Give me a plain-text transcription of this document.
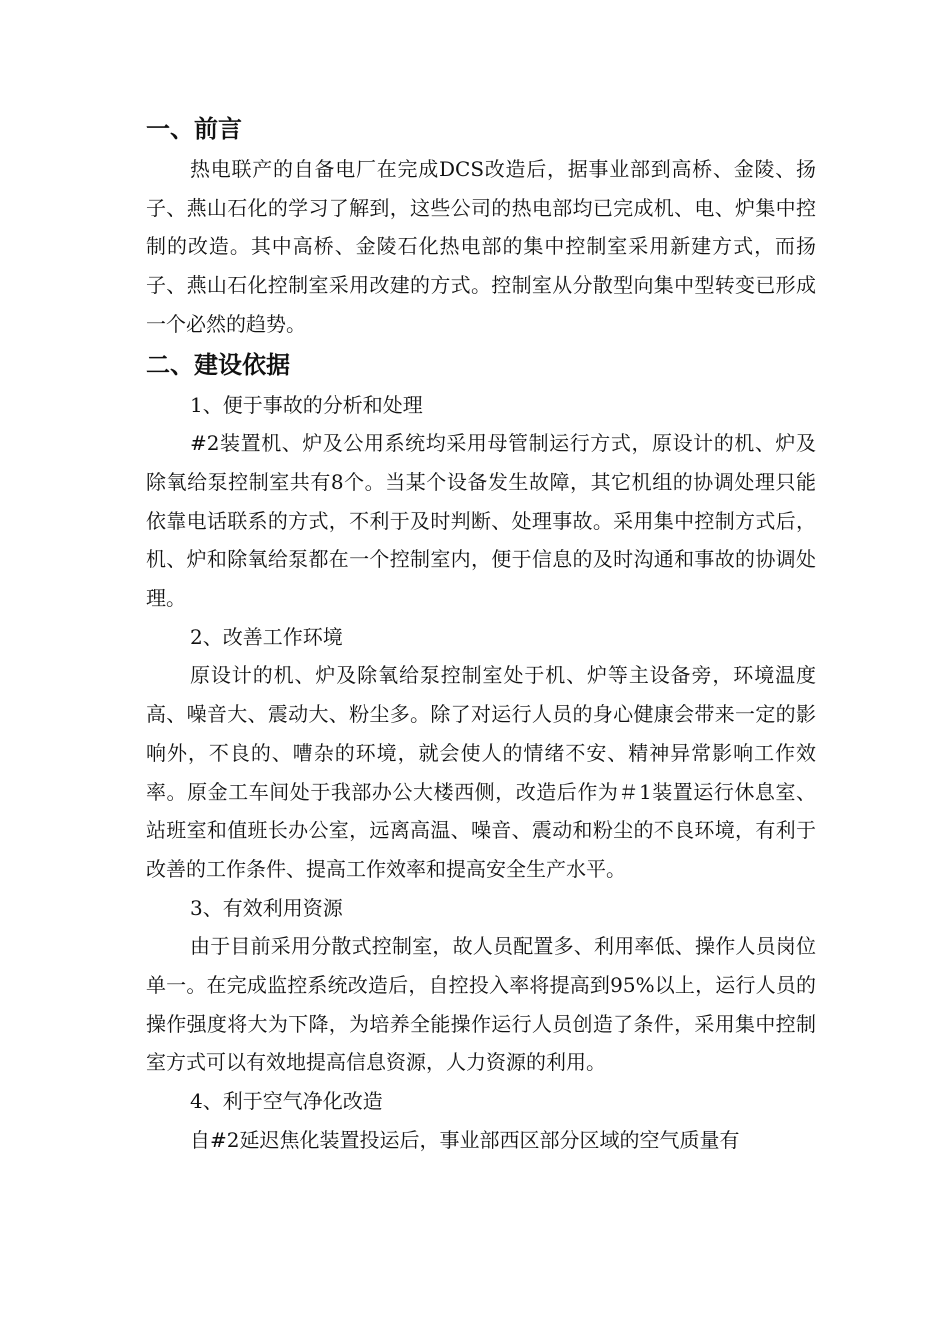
一、前言

热电联产的自备电厂在完成DCS改造后，据事业部到高桥、金陵、扬子、燕山石化的学习了解到，这些公司的热电部均已完成机、电、炉集中控制的改造。其中高桥、金陵石化热电部的集中控制室采用新建方式，而扬子、燕山石化控制室采用改建的方式。控制室从分散型向集中型转变已形成一个必然的趋势。

二、建设依据

1、便于事故的分析和处理

#2装置机、炉及公用系统均采用母管制运行方式，原设计的机、炉及除氧给泵控制室共有8个。当某个设备发生故障，其它机组的协调处理只能依靠电话联系的方式，不利于及时判断、处理事故。采用集中控制方式后，机、炉和除氧给泵都在一个控制室内，便于信息的及时沟通和事故的协调处理。

2、改善工作环境

原设计的机、炉及除氧给泵控制室处于机、炉等主设备旁，环境温度高、噪音大、震动大、粉尘多。除了对运行人员的身心健康会带来一定的影响外，不良的、嘈杂的环境，就会使人的情绪不安、精神异常影响工作效率。原金工车间处于我部办公大楼西侧，改造后作为＃1装置运行休息室、站班室和值班长办公室，远离高温、噪音、震动和粉尘的不良环境，有利于改善的工作条件、提高工作效率和提高安全生产水平。

3、有效利用资源

由于目前采用分散式控制室，故人员配置多、利用率低、操作人员岗位单一。在完成监控系统改造后，自控投入率将提高到95%以上，运行人员的操作强度将大为下降，为培养全能操作运行人员创造了条件，采用集中控制室方式可以有效地提高信息资源，人力资源的利用。

4、利于空气净化改造

自#2延迟焦化装置投运后，事业部西区部分区域的空气质量有
